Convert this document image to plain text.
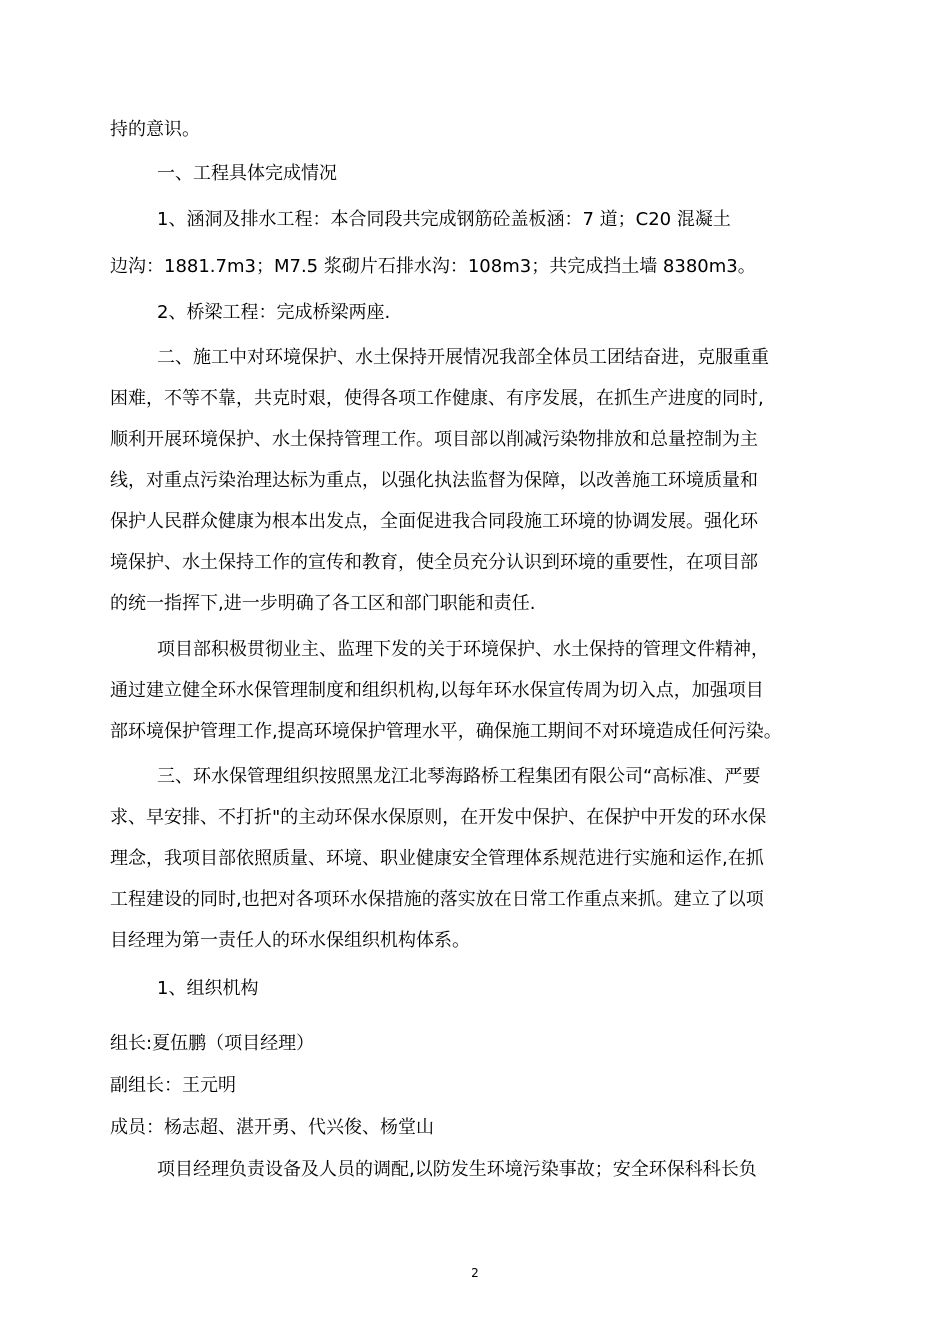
持的意识。

一、工程具体完成情况

1、涵洞及排水工程：本合同段共完成钢筋砼盖板涵：7 道；C20 混凝土

边沟：1881.7m3；M7.5 浆砌片石排水沟：108m3；共完成挡土墙 8380m3。

2、桥梁工程：完成桥梁两座.

二、施工中对环境保护、水土保持开展情况我部全体员工团结奋进，克服重重

困难，不等不靠，共克时艰，使得各项工作健康、有序发展，在抓生产进度的同时,

顺利开展环境保护、水土保持管理工作。项目部以削减污染物排放和总量控制为主

线，对重点污染治理达标为重点，以强化执法监督为保障，以改善施工环境质量和

保护人民群众健康为根本出发点，全面促进我合同段施工环境的协调发展。强化环

境保护、水土保持工作的宣传和教育，使全员充分认识到环境的重要性，在项目部

的统一指挥下,进一步明确了各工区和部门职能和责任.

项目部积极贯彻业主、监理下发的关于环境保护、水土保持的管理文件精神，

通过建立健全环水保管理制度和组织机构,以每年环水保宣传周为切入点，加强项目

部环境保护管理工作,提高环境保护管理水平，确保施工期间不对环境造成任何污染。

三、环水保管理组织按照黑龙江北琴海路桥工程集团有限公司“高标准、严要

求、早安排、不打折"的主动环保水保原则，在开发中保护、在保护中开发的环水保

理念，我项目部依照质量、环境、职业健康安全管理体系规范进行实施和运作,在抓

工程建设的同时,也把对各项环水保措施的落实放在日常工作重点来抓。建立了以项

目经理为第一责任人的环水保组织机构体系。

1、组织机构

组长:夏伍鹏（项目经理）

副组长：王元明

成员：杨志超、湛开勇、代兴俊、杨堂山

项目经理负责设备及人员的调配,以防发生环境污染事故；安全环保科科长负

2
